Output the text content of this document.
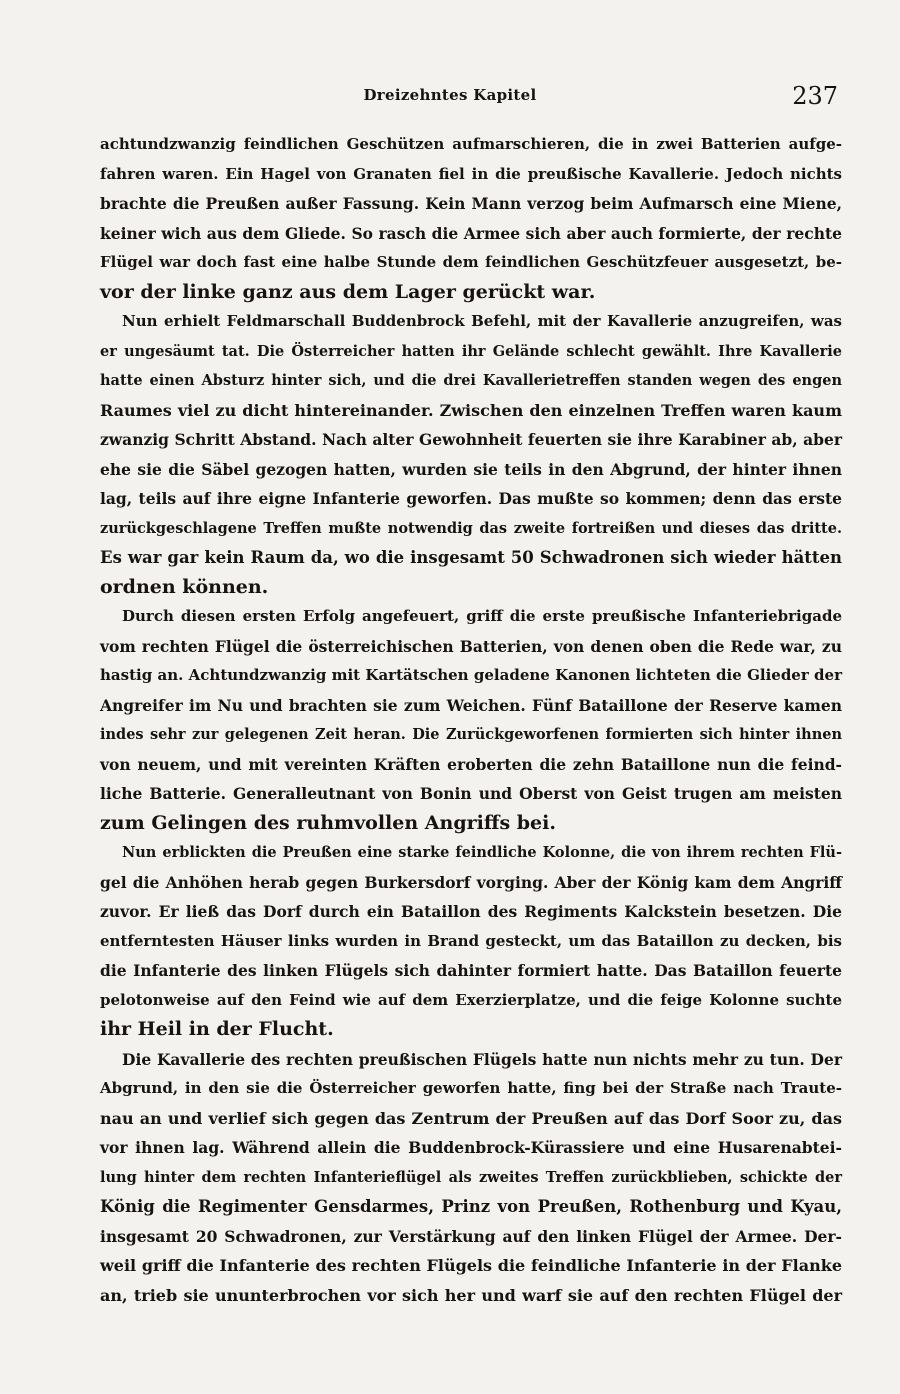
Dreizehntes Kapitel	237
achtundzwanzig feindlichen Geschützen aufmarschieren, die in zwei Batterien aufge-
fahren waren. Ein Hagel von Granaten fiel in die preußische Kavallerie. Jedoch nichts
brachte die Preußen außer Fassung. Kein Mann verzog beim Aufmarsch eine Miene,
keiner wich aus dem Gliede. So rasch die Armee sich aber auch formierte, der rechte
Flügel war doch fast eine halbe Stunde dem feindlichen Geschützfeuer ausgesetzt, be-
vor der linke ganz aus dem Lager gerückt war.
Nun erhielt Feldmarschall Buddenbrock Befehl, mit der Kavallerie anzugreifen, was
er ungesäumt tat. Die Österreicher hatten ihr Gelände schlecht gewählt. Ihre Kavallerie
hatte einen Absturz hinter sich, und die drei Kavallerietreffen standen wegen des engen
Raumes viel zu dicht hintereinander. Zwischen den einzelnen Treffen waren kaum
zwanzig Schritt Abstand. Nach alter Gewohnheit feuerten sie ihre Karabiner ab, aber
ehe sie die Säbel gezogen hatten, wurden sie teils in den Abgrund, der hinter ihnen
lag, teils auf ihre eigne Infanterie geworfen. Das mußte so kommen; denn das erste
zurückgeschlagene Treffen mußte notwendig das zweite fortreißen und dieses das dritte.
Es war gar kein Raum da, wo die insgesamt 50 Schwadronen sich wieder hätten
ordnen können.
Durch diesen ersten Erfolg angefeuert, griff die erste preußische Infanteriebrigade
vom rechten Flügel die österreichischen Batterien, von denen oben die Rede war, zu
hastig an. Achtundzwanzig mit Kartätschen geladene Kanonen lichteten die Glieder der
Angreifer im Nu und brachten sie zum Weichen. Fünf Bataillone der Reserve kamen
indes sehr zur gelegenen Zeit heran. Die Zurückgeworfenen formierten sich hinter ihnen
von neuem, und mit vereinten Kräften eroberten die zehn Bataillone nun die feind-
liche Batterie. Generalleutnant von Bonin und Oberst von Geist trugen am meisten
zum Gelingen des ruhmvollen Angriffs bei.
Nun erblickten die Preußen eine starke feindliche Kolonne, die von ihrem rechten Flü-
gel die Anhöhen herab gegen Burkersdorf vorging. Aber der König kam dem Angriff
zuvor. Er ließ das Dorf durch ein Bataillon des Regiments Kalckstein besetzen. Die
entferntesten Häuser links wurden in Brand gesteckt, um das Bataillon zu decken, bis
die Infanterie des linken Flügels sich dahinter formiert hatte. Das Bataillon feuerte
pelotonweise auf den Feind wie auf dem Exerzierplatze, und die feige Kolonne suchte
ihr Heil in der Flucht.
Die Kavallerie des rechten preußischen Flügels hatte nun nichts mehr zu tun. Der
Abgrund, in den sie die Österreicher geworfen hatte, fing bei der Straße nach Traute-
nau an und verlief sich gegen das Zentrum der Preußen auf das Dorf Soor zu, das
vor ihnen lag. Während allein die Buddenbrock-Kürassiere und eine Husarenabtei-
lung hinter dem rechten Infanterieflügel als zweites Treffen zurückblieben, schickte der
König die Regimenter Gensdarmes, Prinz von Preußen, Rothenburg und Kyau,
insgesamt 20 Schwadronen, zur Verstärkung auf den linken Flügel der Armee. Der-
weil griff die Infanterie des rechten Flügels die feindliche Infanterie in der Flanke
an, trieb sie ununterbrochen vor sich her und warf sie auf den rechten Flügel der
